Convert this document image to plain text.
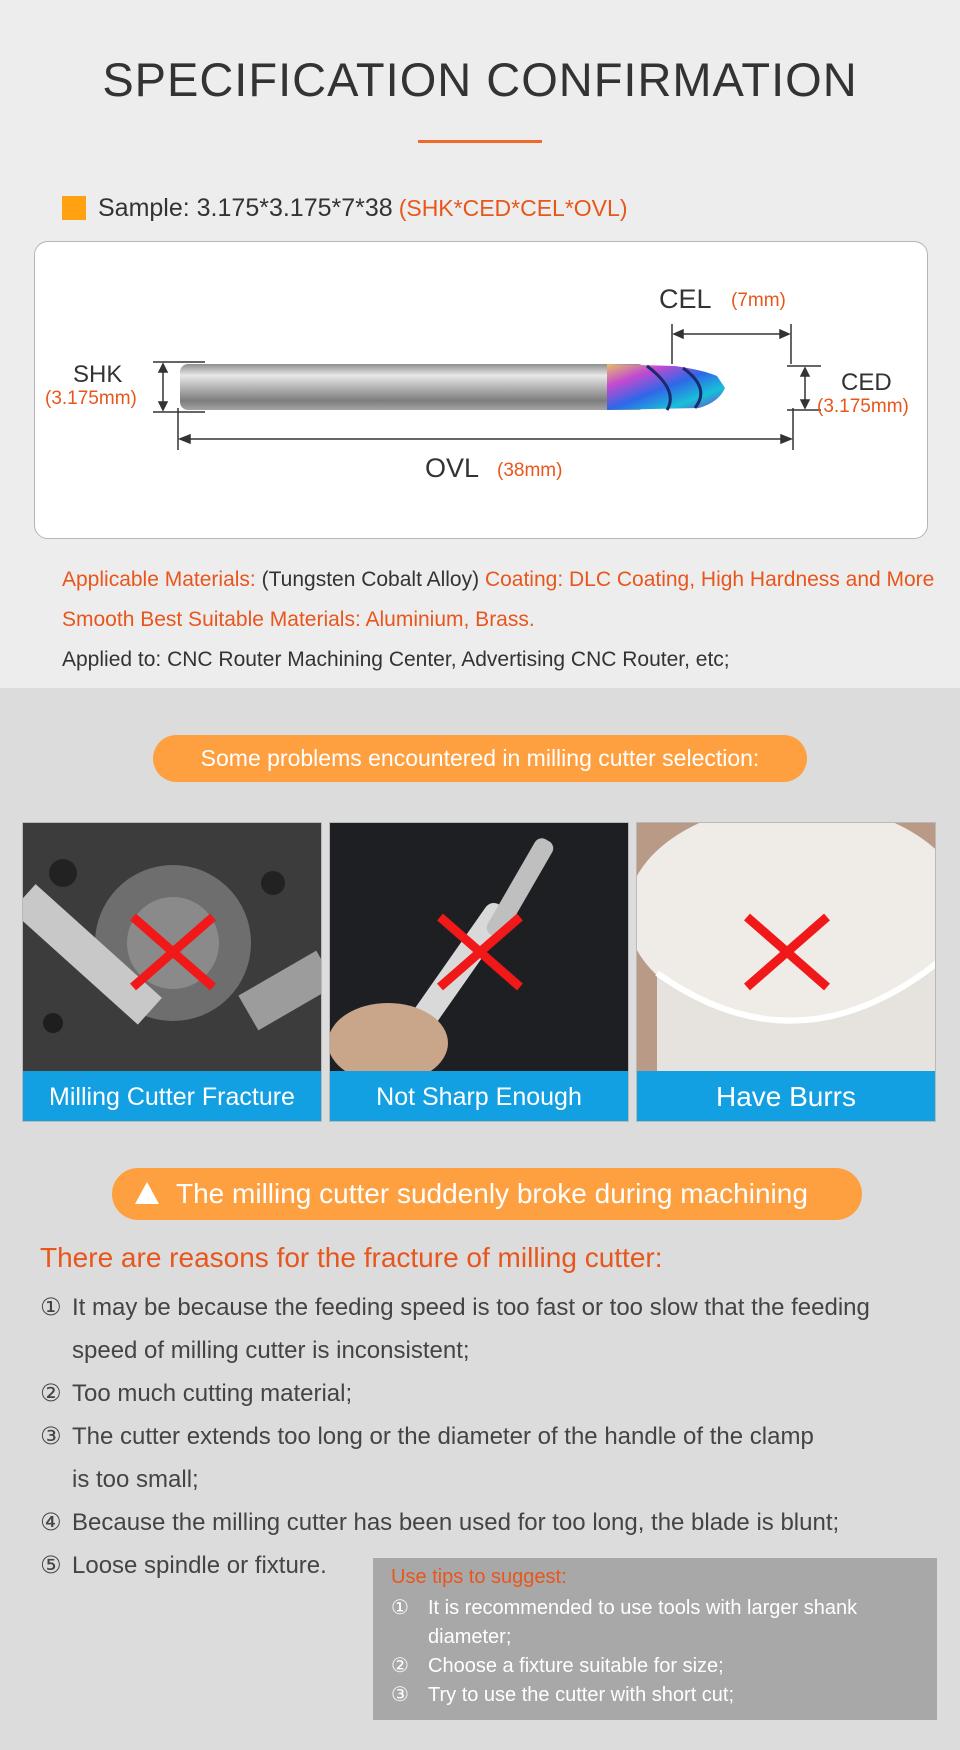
SPECIFICATION CONFIRMATION
Sample: 3.175*3.175*7*38 (SHK*CED*CEL*OVL)
SHK
(3.175mm)
CEL (7mm)
CED
(3.175mm)
OVL (38mm)
Applicable Materials: (Tungsten Cobalt Alloy) Coating: DLC Coating, High Hardness and More Smooth Best Suitable Materials: Aluminium, Brass.
Applied to: CNC Router Machining Center, Advertising CNC Router, etc;
Some problems encountered in milling cutter selection:
Milling Cutter Fracture	Not Sharp Enough	Have Burrs
The milling cutter suddenly broke during machining
There are reasons for the fracture of milling cutter:
① It may be because the feeding speed is too fast or too slow that the feeding
speed of milling cutter is inconsistent;
② Too much cutting material;
③ The cutter extends too long or the diameter of the handle of the clamp
is too small;
④ Because the milling cutter has been used for too long, the blade is blunt;
⑤ Loose spindle or fixture.	Use tips to suggest:
① It is recommended to use tools with larger shank diameter;
② Choose a fixture suitable for size;
③ Try to use the cutter with short cut;
